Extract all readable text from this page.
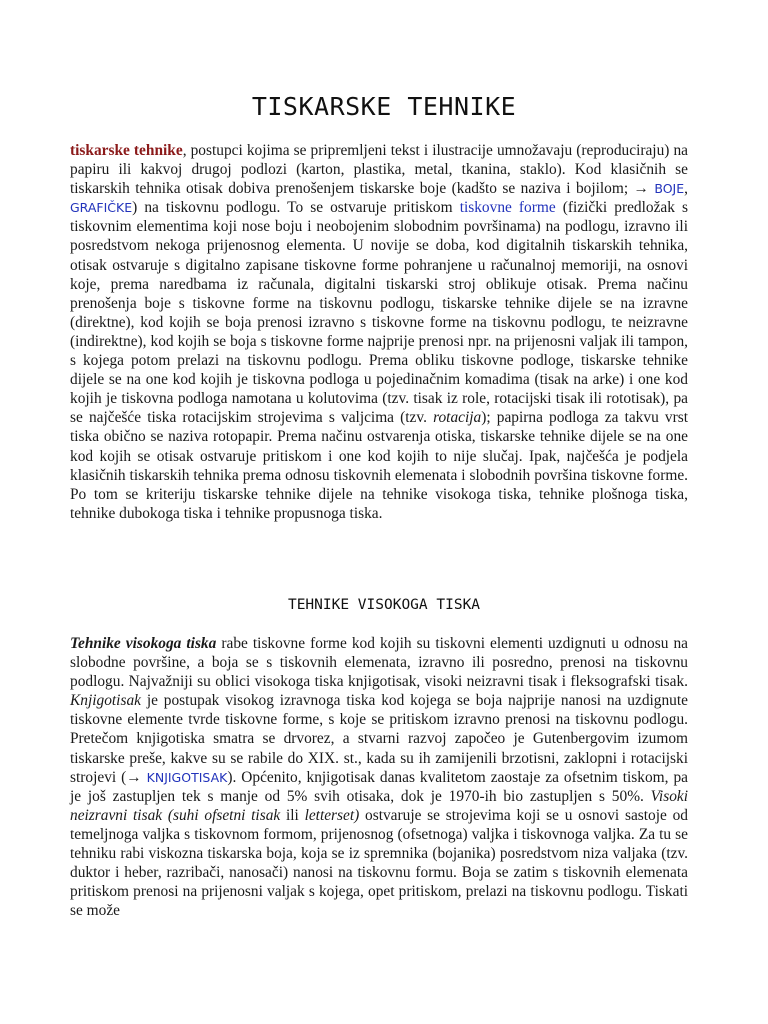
TISKARSKE TEHNIKE

tiskarske tehnike, postupci kojima se pripremljeni tekst i ilustracije umnožavaju (reproduciraju) na papiru ili kakvoj drugoj podlozi (karton, plastika, metal, tkanina, staklo). Kod klasičnih se tiskarskih tehnika otisak dobiva prenošenjem tiskarske boje (kadšto se naziva i bojilom; → BOJE, GRAFIČKE) na tiskovnu podlogu. To se ostvaruje pritiskom tiskovne forme (fizički predložak s tiskovnim elementima koji nose boju i neobojenim slobodnim površinama) na podlogu, izravno ili posredstvom nekoga prijenosnog elementa. U novije se doba, kod digitalnih tiskarskih tehnika, otisak ostvaruje s digitalno zapisane tiskovne forme pohranjene u računalnoj memoriji, na osnovi koje, prema naredbama iz računala, digitalni tiskarski stroj oblikuje otisak. Prema načinu prenošenja boje s tiskovne forme na tiskovnu podlogu, tiskarske tehnike dijele se na izravne (direktne), kod kojih se boja prenosi izravno s tiskovne forme na tiskovnu podlogu, te neizravne (indirektne), kod kojih se boja s tiskovne forme najprije prenosi npr. na prijenosni valjak ili tampon, s kojega potom prelazi na tiskovnu podlogu. Prema obliku tiskovne podloge, tiskarske tehnike dijele se na one kod kojih je tiskovna podloga u pojedinačnim komadima (tisak na arke) i one kod kojih je tiskovna podloga namotana u kolutovima (tzv. tisak iz role, rotacijski tisak ili rototisak), pa se najčešće tiska rotacijskim strojevima s valjcima (tzv. rotacija); papirna podloga za takvu vrst tiska obično se naziva rotopapir. Prema načinu ostvarenja otiska, tiskarske tehnike dijele se na one kod kojih se otisak ostvaruje pritiskom i one kod kojih to nije slučaj. Ipak, najčešća je podjela klasičnih tiskarskih tehnika prema odnosu tiskovnih elemenata i slobodnih površina tiskovne forme. Po tom se kriteriju tiskarske tehnike dijele na tehnike visokoga tiska, tehnike plošnoga tiska, tehnike dubokoga tiska i tehnike propusnoga tiska.

TEHNIKE VISOKOGA TISKA

Tehnike visokoga tiska rabe tiskovne forme kod kojih su tiskovni elementi uzdignuti u odnosu na slobodne površine, a boja se s tiskovnih elemenata, izravno ili posredno, prenosi na tiskovnu podlogu. Najvažniji su oblici visokoga tiska knjigotisak, visoki neizravni tisak i fleksografski tisak. Knjigotisak je postupak visokog izravnoga tiska kod kojega se boja najprije nanosi na uzdignute tiskovne elemente tvrde tiskovne forme, s koje se pritiskom izravno prenosi na tiskovnu podlogu. Pretečom knjigotiska smatra se drvorez, a stvarni razvoj započeo je Gutenbergovim izumom tiskarske preše, kakve su se rabile do XIX. st., kada su ih zamijenili brzotisni, zaklopni i rotacijski strojevi (→ KNJIGOTISAK). Općenito, knjigotisak danas kvalitetom zaostaje za ofsetnim tiskom, pa je još zastupljen tek s manje od 5% svih otisaka, dok je 1970-ih bio zastupljen s 50%. Visoki neizravni tisak (suhi ofsetni tisak ili letterset) ostvaruje se strojevima koji se u osnovi sastoje od temeljnoga valjka s tiskovnom formom, prijenosnog (ofsetnoga) valjka i tiskovnoga valjka. Za tu se tehniku rabi viskozna tiskarska boja, koja se iz spremnika (bojanika) posredstvom niza valjaka (tzv. duktor i heber, razribači, nanosači) nanosi na tiskovnu formu. Boja se zatim s tiskovnih elemenata pritiskom prenosi na prijenosni valjak s kojega, opet pritiskom, prelazi na tiskovnu podlogu. Tiskati se može
